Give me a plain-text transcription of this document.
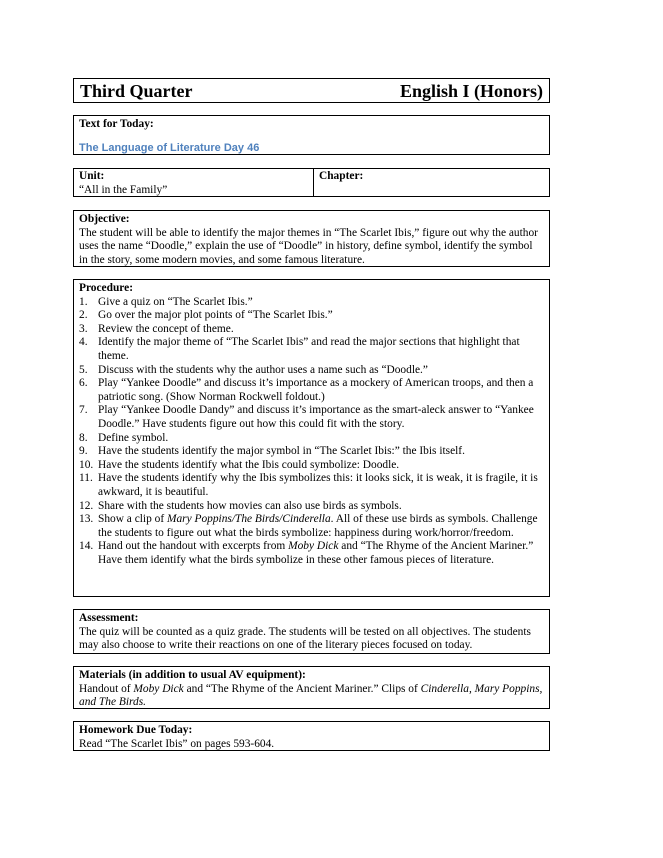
Third Quarter	English I (Honors)
Text for Today:
The Language of Literature Day 46
Unit:
“All in the Family”
Chapter:
Objective:
The student will be able to identify the major themes in “The Scarlet Ibis,” figure out why the author uses the name “Doodle,” explain the use of “Doodle” in history, define symbol, identify the symbol in the story, some modern movies, and some famous literature.
Procedure:
1. Give a quiz on “The Scarlet Ibis.”
2. Go over the major plot points of “The Scarlet Ibis.”
3. Review the concept of theme.
4. Identify the major theme of “The Scarlet Ibis” and read the major sections that highlight that theme.
5. Discuss with the students why the author uses a name such as “Doodle.”
6. Play “Yankee Doodle” and discuss it’s importance as a mockery of American troops, and then a patriotic song. (Show Norman Rockwell foldout.)
7. Play “Yankee Doodle Dandy” and discuss it’s importance as the smart-aleck answer to “Yankee Doodle.” Have students figure out how this could fit with the story.
8. Define symbol.
9. Have the students identify the major symbol in “The Scarlet Ibis:” the Ibis itself.
10. Have the students identify what the Ibis could symbolize: Doodle.
11. Have the students identify why the Ibis symbolizes this: it looks sick, it is weak, it is fragile, it is awkward, it is beautiful.
12. Share with the students how movies can also use birds as symbols.
13. Show a clip of Mary Poppins/The Birds/Cinderella. All of these use birds as symbols. Challenge the students to figure out what the birds symbolize: happiness during work/horror/freedom.
14. Hand out the handout with excerpts from Moby Dick and “The Rhyme of the Ancient Mariner.” Have them identify what the birds symbolize in these other famous pieces of literature.
Assessment:
The quiz will be counted as a quiz grade. The students will be tested on all objectives. The students may also choose to write their reactions on one of the literary pieces focused on today.
Materials (in addition to usual AV equipment):
Handout of Moby Dick and “The Rhyme of the Ancient Mariner.” Clips of Cinderella, Mary Poppins, and The Birds.
Homework Due Today:
Read “The Scarlet Ibis” on pages 593-604.
